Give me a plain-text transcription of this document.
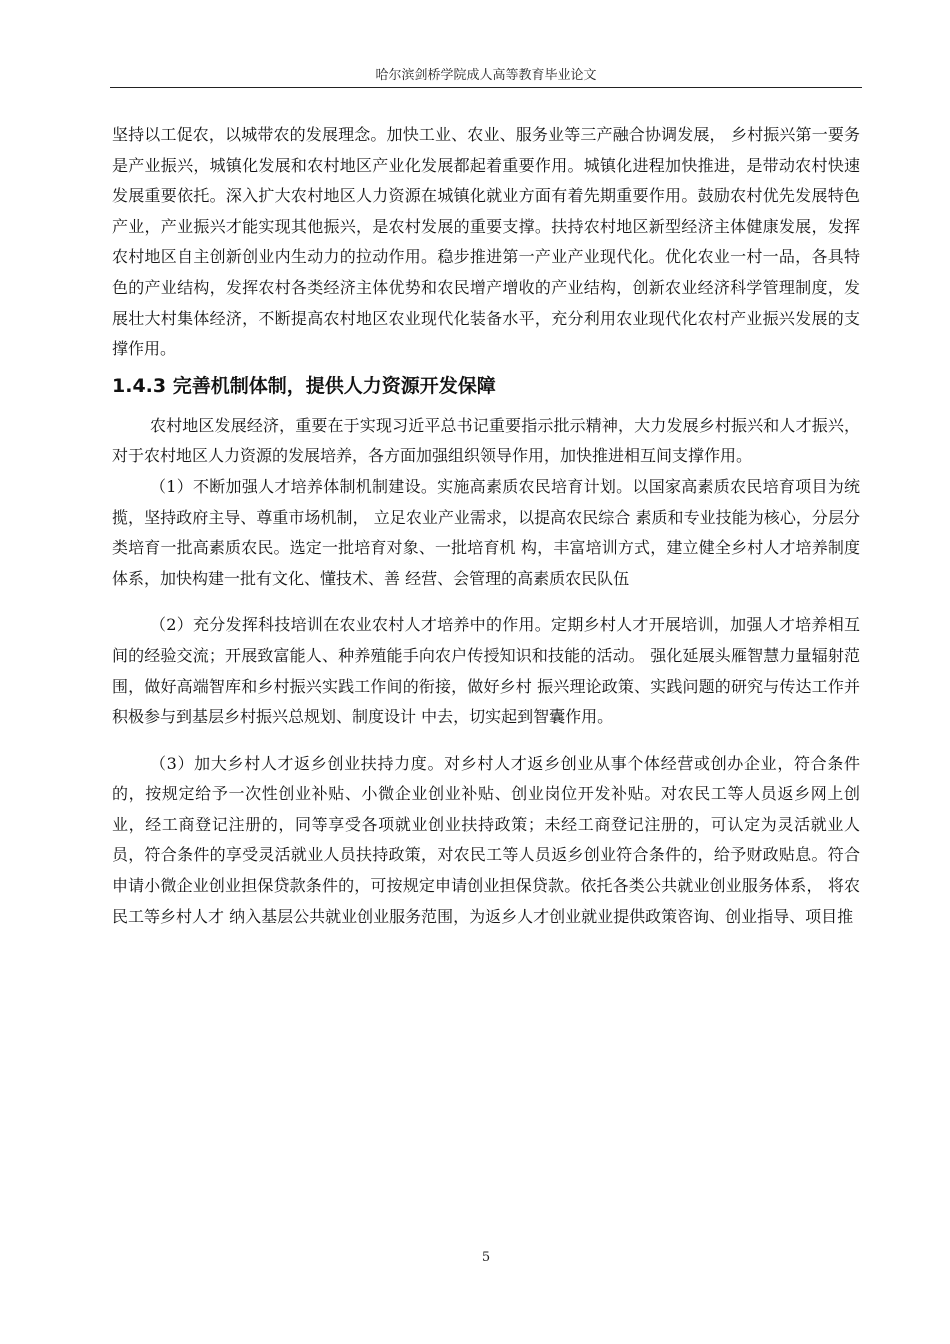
哈尔滨剑桥学院成人高等教育毕业论文

坚持以工促农，以城带农的发展理念。加快工业、农业、服务业等三产融合协调发展， 乡村振兴第一要务是产业振兴，城镇化发展和农村地区产业化发展都起着重要作用。城镇化进程加快推进，是带动农村快速发展重要依托。深入扩大农村地区人力资源在城镇化就业方面有着先期重要作用。鼓励农村优先发展特色产业，产业振兴才能实现其他振兴，是农村发展的重要支撑。扶持农村地区新型经济主体健康发展，发挥农村地区自主创新创业内生动力的拉动作用。稳步推进第一产业产业现代化。优化农业一村一品，各具特色的产业结构，发挥农村各类经济主体优势和农民增产增收的产业结构，创新农业经济科学管理制度，发展壮大村集体经济，不断提高农村地区农业现代化装备水平，充分利用农业现代化农村产业振兴发展的支撑作用。

1.4.3 完善机制体制，提供人力资源开发保障

农村地区发展经济，重要在于实现习近平总书记重要指示批示精神，大力发展乡村振兴和人才振兴，对于农村地区人力资源的发展培养，各方面加强组织领导作用，加快推进相互间支撑作用。

（1）不断加强人才培养体制机制建设。实施高素质农民培育计划。以国家高素质农民培育项目为统揽，坚持政府主导、尊重市场机制， 立足农业产业需求，以提高农民综合 素质和专业技能为核心，分层分类培育一批高素质农民。选定一批培育对象、一批培育机 构，丰富培训方式，建立健全乡村人才培养制度体系，加快构建一批有文化、懂技术、善 经营、会管理的高素质农民队伍

（2）充分发挥科技培训在农业农村人才培养中的作用。定期乡村人才开展培训，加强人才培养相互间的经验交流；开展致富能人、种养殖能手向农户传授知识和技能的活动。 强化延展头雁智慧力量辐射范围，做好高端智库和乡村振兴实践工作间的衔接，做好乡村 振兴理论政策、实践问题的研究与传达工作并积极参与到基层乡村振兴总规划、制度设计 中去，切实起到智囊作用。

（3）加大乡村人才返乡创业扶持力度。对乡村人才返乡创业从事个体经营或创办企业，符合条件的，按规定给予一次性创业补贴、小微企业创业补贴、创业岗位开发补贴。对农民工等人员返乡网上创业，经工商登记注册的，同等享受各项就业创业扶持政策；未经工商登记注册的，可认定为灵活就业人员，符合条件的享受灵活就业人员扶持政策，对农民工等人员返乡创业符合条件的，给予财政贴息。符合申请小微企业创业担保贷款条件的，可按规定申请创业担保贷款。依托各类公共就业创业服务体系， 将农民工等乡村人才 纳入基层公共就业创业服务范围，为返乡人才创业就业提供政策咨询、创业指导、项目推

5
